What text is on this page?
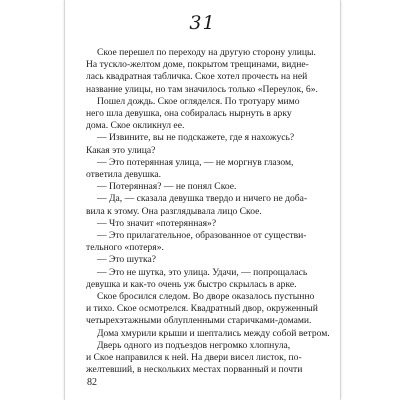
31
Ское перешел по переходу на другую сторону улицы.
На тускло-желтом доме, покрытом трещинами, видне-
лась квадратная табличка. Ское хотел прочесть на ней
название улицы, но там значилось только «Переулок, 6».
Пошел дождь. Ское огляделся. По тротуару мимо
него шла девушка, она собиралась нырнуть в арку
дома. Ское окликнул ее.
— Извините, вы не подскажете, где я нахожусь?
Какая это улица?
— Это потерянная улица, — не моргнув глазом,
ответила девушка.
— Потерянная? — не понял Ское.
— Да, — сказала девушка твердо и ничего не доба-
вила к этому. Она разглядывала лицо Ское.
— Что значит «потерянная»?
— Это прилагательное, образованное от существи-
тельного «потеря».
— Это шутка?
— Это не шутка, это улица. Удачи, — попрощалась
девушка и как-то очень уж быстро скрылась в арке.
Ское бросился следом. Во дворе оказалось пустынно
и тихо. Ское осмотрелся. Квадратный двор, окруженный
четырехэтажными облупленными старичками-домами.
Дома хмурили крыши и шептались между собой ветром.
Дверь одного из подъездов негромко хлопнула,
и Ское направился к ней. На двери висел листок, по-
желтевший, в нескольких местах порванный и почти
82
